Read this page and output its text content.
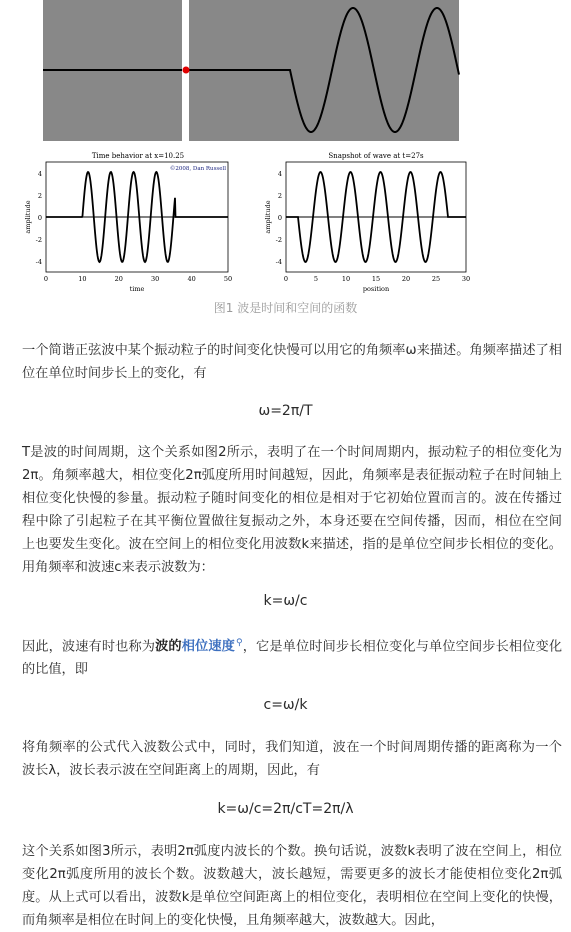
Time behavior at x=10.25
©2008, Dan Russell
0	10	20	30	40	50
4
2
0
-2
-4
time
amplitude
Snapshot of wave at t=27s
0	5	10	15	20	25	30
4
2
0
-2
-4
position
amplitude
图1 波是时间和空间的函数

一个简谐正弦波中某个振动粒子的时间变化快慢可以用它的角频率ω来描述。角频率描述了相位在单位时间步长上的变化，有

ω=2π/T

T是波的时间周期，这个关系如图2所示，表明了在一个时间周期内，振动粒子的相位变化为2π。角频率越大，相位变化2π弧度所用时间越短，因此，角频率是表征振动粒子在时间轴上相位变化快慢的参量。振动粒子随时间变化的相位是相对于它初始位置而言的。波在传播过程中除了引起粒子在其平衡位置做往复振动之外，本身还要在空间传播，因而，相位在空间上也要发生变化。波在空间上的相位变化用波数k来描述，指的是单位空间步长相位的变化。用角频率和波速c来表示波数为：

k=ω/c

因此，波速有时也称为波的相位速度⚲，它是单位时间步长相位变化与单位空间步长相位变化的比值，即

c=ω/k

将角频率的公式代入波数公式中，同时，我们知道，波在一个时间周期传播的距离称为一个波长λ，波长表示波在空间距离上的周期，因此，有

k=ω/c=2π/cT=2π/λ

这个关系如图3所示，表明2π弧度内波长的个数。换句话说，波数k表明了波在空间上，相位变化2π弧度所用的波长个数。波数越大，波长越短，需要更多的波长才能使相位变化2π弧度。从上式可以看出，波数k是单位空间距离上的相位变化，表明相位在空间上变化的快慢，而角频率是相位在时间上的变化快慢，且角频率越大，波数越大。因此，
